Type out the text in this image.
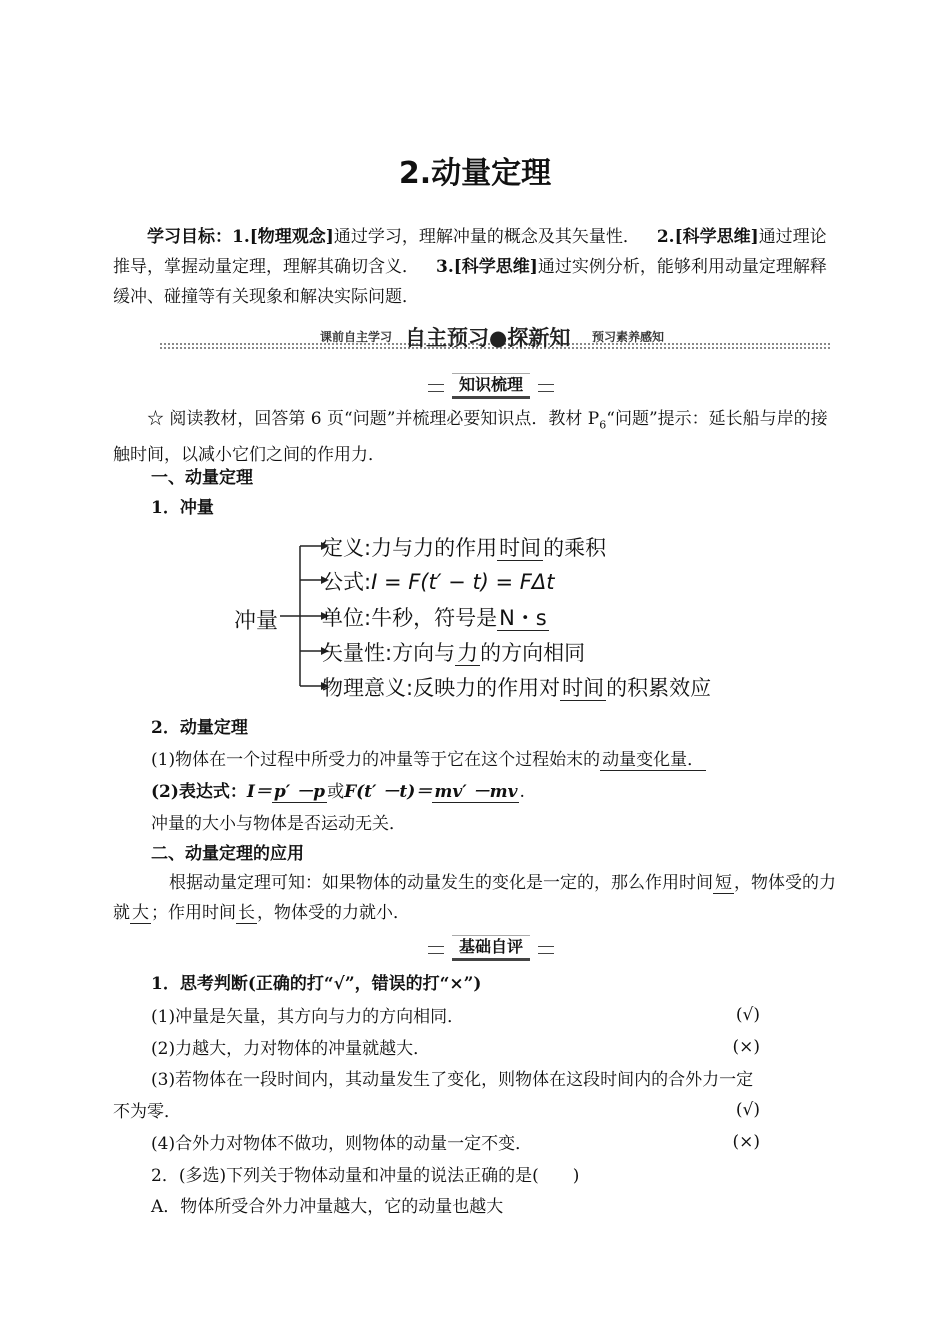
2.动量定理
学习目标：1.[物理观念]通过学习，理解冲量的概念及其矢量性．  2.[科学思维]通过理论推导，掌握动量定理，理解其确切含义．  3.[科学思维]通过实例分析，能够利用动量定理解释缓冲、碰撞等有关现象和解决实际问题．
课前自主学习 自主预习●探新知 预习素养感知
知识梳理
☆ 阅读教材，回答第 6 页“问题”并梳理必要知识点．教材 $P_6“$问题”提示：延长船与岸的接触时间，以减小它们之间的作用力．
一、动量定理
1．冲量
冲量
定义:力与力的作用时间的乘积
公式:I = F(t′ − t) = FΔt
单位:牛秒，符号是N・s
矢量性:方向与力的方向相同
物理意义:反映力的作用对时间的积累效应
2．动量定理
(1)物体在一个过程中所受力的冲量等于它在这个过程始末的 动量变化量．
(2)表达式：I＝ p′ －p 或F(t′ －t)＝ mv′ －mv .
冲量的大小与物体是否运动无关．
二、动量定理的应用
根据动量定理可知：如果物体的动量发生的变化是一定的，那么作用时间 短 ，物体受的力就 大 ；作用时间 长 ，物体受的力就小．
基础自评
1．思考判断(正确的打“√”，错误的打“×”)
(1)冲量是矢量，其方向与力的方向相同．	(√)
(2)力越大，力对物体的冲量就越大．	(×)
(3)若物体在一段时间内，其动量发生了变化，则物体在这段时间内的合外力一定
不为零．	(√)
(4)合外力对物体不做功，则物体的动量一定不变．	(×)
2．(多选)下列关于物体动量和冲量的说法正确的是(　　)
A．物体所受合外力冲量越大，它的动量也越大
